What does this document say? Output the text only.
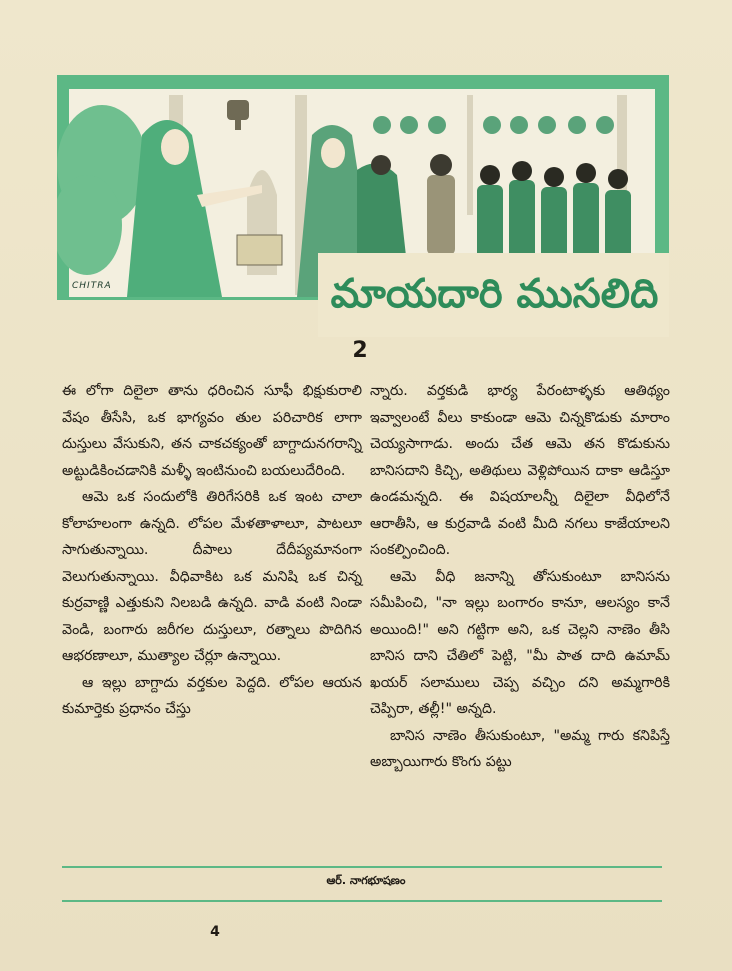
CHITRA	మాయదారి ముసలిది
2

ఈ లోగా దిలైలా తాను ధరించిన సూఫీ భిక్షుకురాలి వేషం తీసేసి, ఒక భాగ్యవం తుల పరిచారిక లాగా దుస్తులు వేసుకుని, తన చాకచక్యంతో బాగ్దాదునగరాన్ని అట్టుడికించడానికి మళ్ళీ ఇంటినుంచి బయలుదేరింది.

ఆమె ఒక సందులోకి తిరిగేసరికి ఒక ఇంట చాలా కోలాహలంగా ఉన్నది. లోపల మేళతాళాలూ, పాటలూ సాగుతున్నాయి. దీపాలు దేదీప్యమానంగా వెలుగుతున్నాయి. వీధివాకిట ఒక మనిషి ఒక చిన్న కుర్రవాణ్ణి ఎత్తుకుని నిలబడి ఉన్నది. వాడి వంటి నిండా వెండి, బంగారు జరీగల దుస్తులూ, రత్నాలు పొదిగిన ఆభరణాలూ, ముత్యాల చేర్లూ ఉన్నాయి.

ఆ ఇల్లు బాగ్దాదు వర్తకుల పెద్దది. లోపల ఆయన కుమార్తెకు ప్రధానం చేస్తు

న్నారు. వర్తకుడి భార్య పేరంటాళ్ళకు ఆతిథ్యం ఇవ్వాలంటే వీలు కాకుండా ఆమె చిన్నకొడుకు మారాం చెయ్యసాగాడు. అందు చేత ఆమె తన కొడుకును బానిసదాని కిచ్చి, అతిథులు వెళ్లిపోయిన దాకా ఆడిస్తూ ఉండమన్నది. ఈ విషయాలన్నీ దిలైలా వీధిలోనే ఆరాతీసి, ఆ కుర్రవాడి వంటి మీది నగలు కాజేయాలని సంకల్పించింది.

ఆమె వీధి జనాన్ని తోసుకుంటూ బానిసను సమీపించి, "నా ఇల్లు బంగారం కానూ, ఆలస్యం కానే అయింది!" అని గట్టిగా అని, ఒక చెల్లని నాణెం తీసి బానిస దాని చేతిలో పెట్టి, "మీ పాత దాది ఉమామ్ ఖయర్ సలాములు చెప్ప వచ్చిం దని అమ్మగారికి చెప్పిరా, తల్లీ!" అన్నది.

బానిస నాణెం తీసుకుంటూ, "అమ్మ గారు కనిపిస్తే అబ్బాయిగారు కొంగు పట్టు

ఆర్. నాగభూషణం
4
